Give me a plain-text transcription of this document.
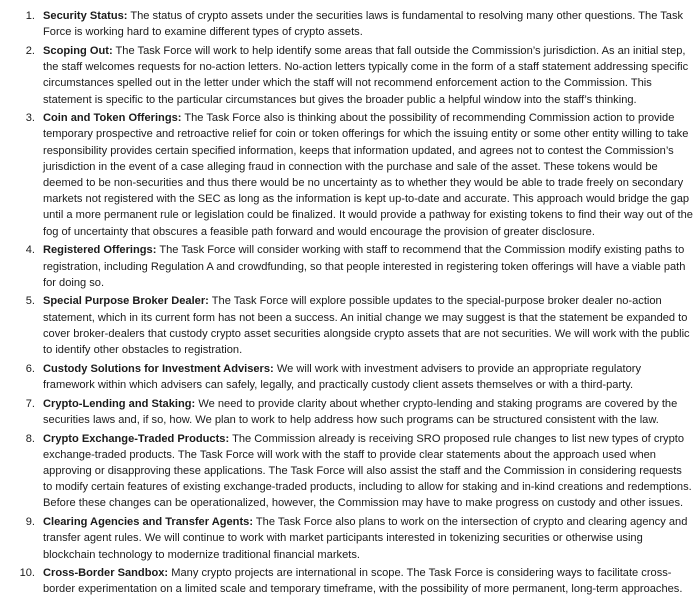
1. Security Status: The status of crypto assets under the securities laws is fundamental to resolving many other questions. The Task Force is working hard to examine different types of crypto assets.
2. Scoping Out: The Task Force will work to help identify some areas that fall outside the Commission’s jurisdiction. As an initial step, the staff welcomes requests for no-action letters. No-action letters typically come in the form of a staff statement addressing specific circumstances spelled out in the letter under which the staff will not recommend enforcement action to the Commission. This statement is specific to the particular circumstances but gives the broader public a helpful window into the staff’s thinking.
3. Coin and Token Offerings: The Task Force also is thinking about the possibility of recommending Commission action to provide temporary prospective and retroactive relief for coin or token offerings for which the issuing entity or some other entity willing to take responsibility provides certain specified information, keeps that information updated, and agrees not to contest the Commission’s jurisdiction in the event of a case alleging fraud in connection with the purchase and sale of the asset. These tokens would be deemed to be non-securities and thus there would be no uncertainty as to whether they would be able to trade freely on secondary markets not registered with the SEC as long as the information is kept up-to-date and accurate. This approach would bridge the gap until a more permanent rule or legislation could be finalized. It would provide a pathway for existing tokens to find their way out of the fog of uncertainty that obscures a feasible path forward and would encourage the provision of greater disclosure.
4. Registered Offerings: The Task Force will consider working with staff to recommend that the Commission modify existing paths to registration, including Regulation A and crowdfunding, so that people interested in registering token offerings will have a viable path for doing so.
5. Special Purpose Broker Dealer: The Task Force will explore possible updates to the special-purpose broker dealer no-action statement, which in its current form has not been a success. An initial change we may suggest is that the statement be expanded to cover broker-dealers that custody crypto asset securities alongside crypto assets that are not securities. We will work with the public to identify other obstacles to registration.
6. Custody Solutions for Investment Advisers: We will work with investment advisers to provide an appropriate regulatory framework within which advisers can safely, legally, and practically custody client assets themselves or with a third-party.
7. Crypto-Lending and Staking: We need to provide clarity about whether crypto-lending and staking programs are covered by the securities laws and, if so, how. We plan to work to help address how such programs can be structured consistent with the law.
8. Crypto Exchange-Traded Products: The Commission already is receiving SRO proposed rule changes to list new types of crypto exchange-traded products. The Task Force will work with the staff to provide clear statements about the approach used when approving or disapproving these applications. The Task Force will also assist the staff and the Commission in considering requests to modify certain features of existing exchange-traded products, including to allow for staking and in-kind creations and redemptions. Before these changes can be operationalized, however, the Commission may have to make progress on custody and other issues.
9. Clearing Agencies and Transfer Agents: The Task Force also plans to work on the intersection of crypto and clearing agency and transfer agent rules. We will continue to work with market participants interested in tokenizing securities or otherwise using blockchain technology to modernize traditional financial markets.
10. Cross-Border Sandbox: Many crypto projects are international in scope. The Task Force is considering ways to facilitate cross-border experimentation on a limited scale and temporary timeframe, with the possibility of more permanent, long-term approaches.
